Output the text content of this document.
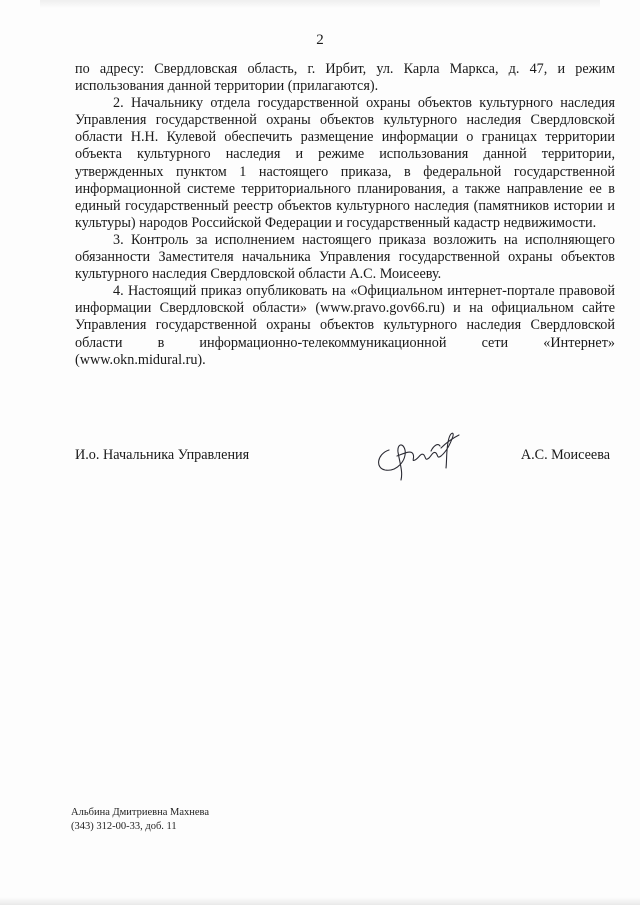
2

по адресу: Свердловская область, г. Ирбит, ул. Карла Маркса, д. 47, и режим использования данной территории (прилагаются).

2. Начальнику отдела государственной охраны объектов культурного наследия Управления государственной охраны объектов культурного наследия Свердловской области Н.Н. Кулевой обеспечить размещение информации о границах территории объекта культурного наследия и режиме использования данной территории, утвержденных пунктом 1 настоящего приказа, в федеральной государственной информационной системе территориального планирования, а также направление ее в единый государственный реестр объектов культурного наследия (памятников истории и культуры) народов Российской Федерации и государственный кадастр недвижимости.

3. Контроль за исполнением настоящего приказа возложить на исполняющего обязанности Заместителя начальника Управления государственной охраны объектов культурного наследия Свердловской области А.С. Моисееву.

4. Настоящий приказ опубликовать на «Официальном интернет-портале правовой информации Свердловской области» (www.pravo.gov66.ru) и на официальном сайте Управления государственной охраны объектов культурного наследия Свердловской области в информационно-телекоммуникационной сети «Интернет» (www.okn.midural.ru).

И.о. Начальника Управления	А.С. Моисеева
Альбина Дмитриевна Махнева
(343) 312-00-33, доб. 11
